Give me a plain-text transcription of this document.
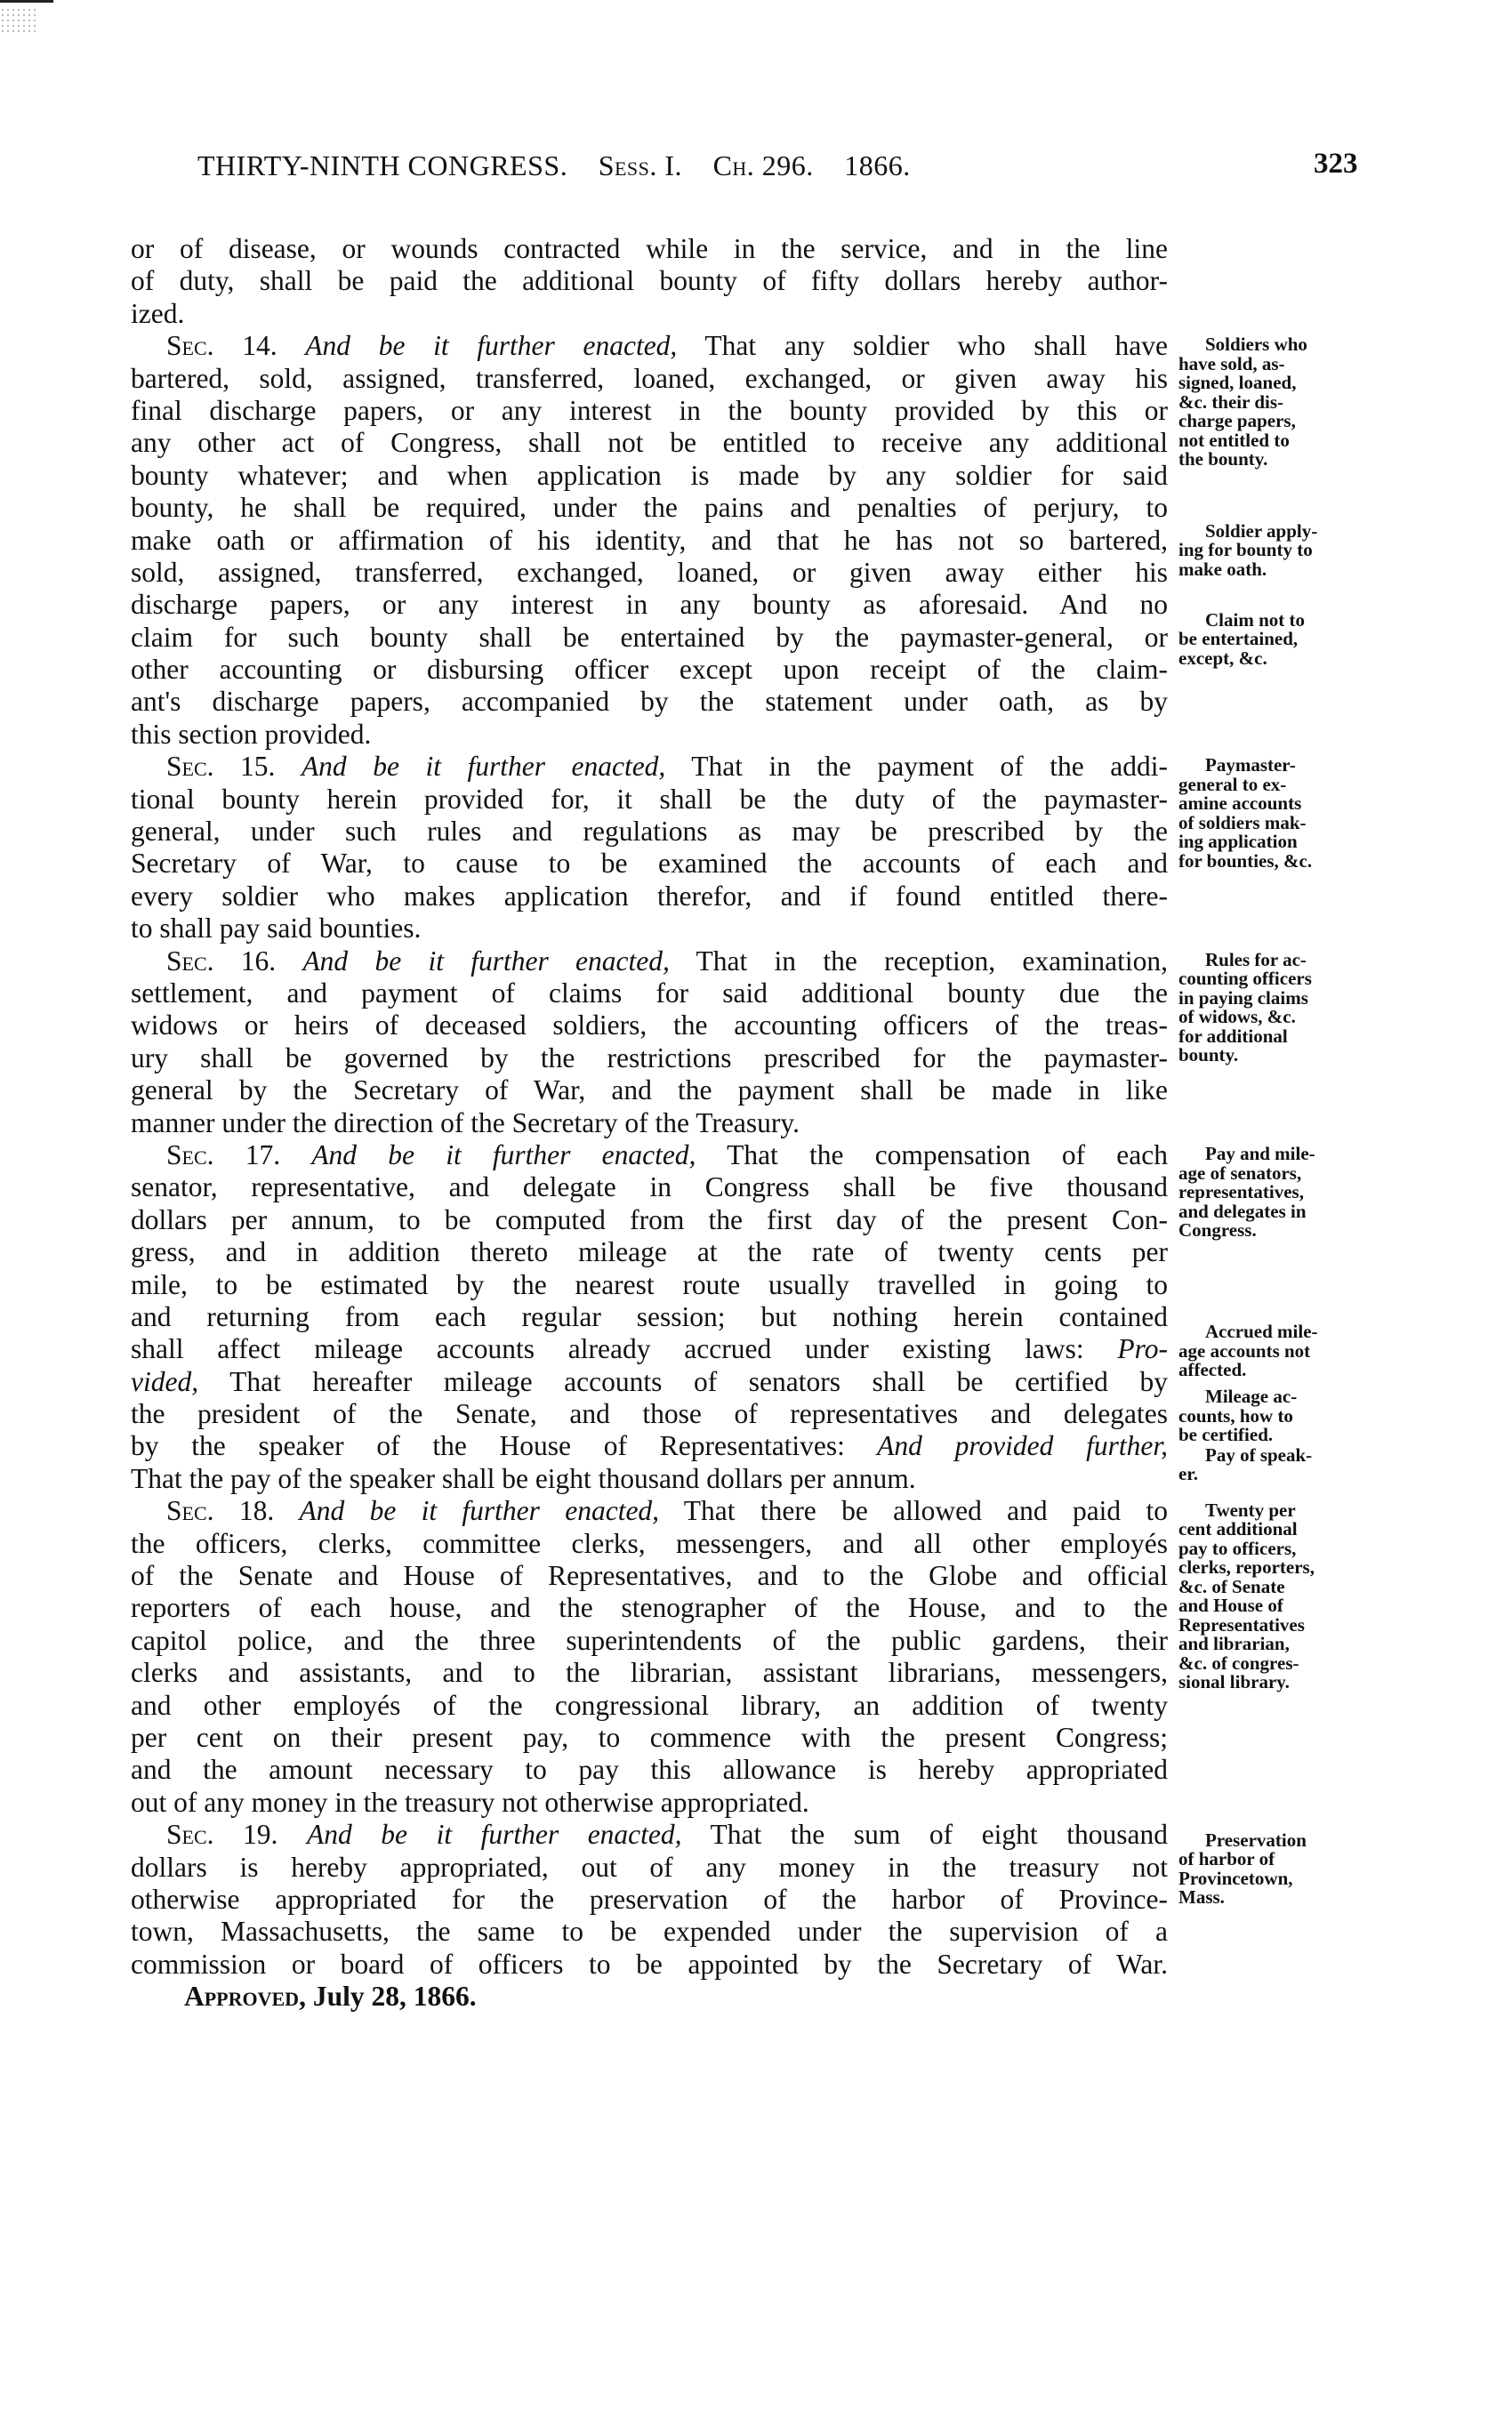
THIRTY-NINTH CONGRESS. Sess. I. Ch. 296. 1866.	323
or of disease, or wounds contracted while in the service, and in the line
of duty, shall be paid the additional bounty of fifty dollars hereby author-
ized.
Sec. 14. And be it further enacted, That any soldier who shall have
bartered, sold, assigned, transferred, loaned, exchanged, or given away his
final discharge papers, or any interest in the bounty provided by this or
any other act of Congress, shall not be entitled to receive any additional
bounty whatever; and when application is made by any soldier for said
bounty, he shall be required, under the pains and penalties of perjury, to
make oath or affirmation of his identity, and that he has not so bartered,
sold, assigned, transferred, exchanged, loaned, or given away either his
discharge papers, or any interest in any bounty as aforesaid. And no
claim for such bounty shall be entertained by the paymaster-general, or
other accounting or disbursing officer except upon receipt of the claim-
ant's discharge papers, accompanied by the statement under oath, as by
this section provided.
Sec. 15. And be it further enacted, That in the payment of the addi-
tional bounty herein provided for, it shall be the duty of the paymaster-
general, under such rules and regulations as may be prescribed by the
Secretary of War, to cause to be examined the accounts of each and
every soldier who makes application therefor, and if found entitled there-
to shall pay said bounties.
Sec. 16. And be it further enacted, That in the reception, examination,
settlement, and payment of claims for said additional bounty due the
widows or heirs of deceased soldiers, the accounting officers of the treas-
ury shall be governed by the restrictions prescribed for the paymaster-
general by the Secretary of War, and the payment shall be made in like
manner under the direction of the Secretary of the Treasury.
Sec. 17. And be it further enacted, That the compensation of each
senator, representative, and delegate in Congress shall be five thousand
dollars per annum, to be computed from the first day of the present Con-
gress, and in addition thereto mileage at the rate of twenty cents per
mile, to be estimated by the nearest route usually travelled in going to
and returning from each regular session; but nothing herein contained
shall affect mileage accounts already accrued under existing laws: Pro-
vided, That hereafter mileage accounts of senators shall be certified by
the president of the Senate, and those of representatives and delegates
by the speaker of the House of Representatives: And provided further,
That the pay of the speaker shall be eight thousand dollars per annum.
Sec. 18. And be it further enacted, That there be allowed and paid to
the officers, clerks, committee clerks, messengers, and all other employés
of the Senate and House of Representatives, and to the Globe and official
reporters of each house, and the stenographer of the House, and to the
capitol police, and the three superintendents of the public gardens, their
clerks and assistants, and to the librarian, assistant librarians, messengers,
and other employés of the congressional library, an addition of twenty
per cent on their present pay, to commence with the present Congress;
and the amount necessary to pay this allowance is hereby appropriated
out of any money in the treasury not otherwise appropriated.
Sec. 19. And be it further enacted, That the sum of eight thousand
dollars is hereby appropriated, out of any money in the treasury not
otherwise appropriated for the preservation of the harbor of Province-
town, Massachusetts, the same to be expended under the supervision of a
commission or board of officers to be appointed by the Secretary of War.
Approved, July 28, 1866.
Soldiers who
have sold, as-
signed, loaned,
&c. their dis-
charge papers,
not entitled to
the bounty.
Soldier apply-
ing for bounty to
make oath.
Claim not to
be entertained,
except, &c.
Paymaster-
general to ex-
amine accounts
of soldiers mak-
ing application
for bounties, &c.
Rules for ac-
counting officers
in paying claims
of widows, &c.
for additional
bounty.
Pay and mile-
age of senators,
representatives,
and delegates in
Congress.
Accrued mile-
age accounts not
affected.
Mileage ac-
counts, how to
be certified.
Pay of speak-
er.
Twenty per
cent additional
pay to officers,
clerks, reporters,
&c. of Senate
and House of
Representatives
and librarian,
&c. of congres-
sional library.
Preservation
of harbor of
Provincetown,
Mass.
